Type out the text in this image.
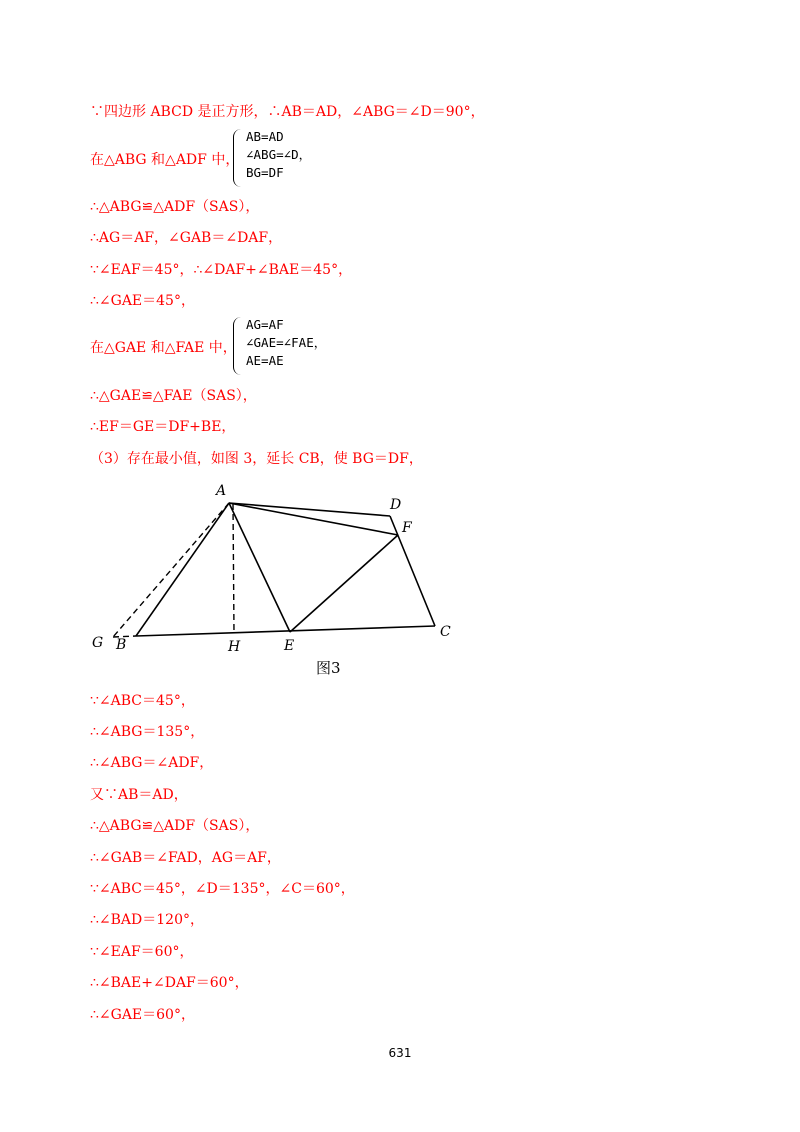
∵四边形 ABCD 是正方形，∴AB＝AD，∠ABG＝∠D＝90°，
在△ABG 和△ADF 中，
AB=AD
∠ABG=∠D，
BG=DF
∴△ABG≌△ADF（SAS），
∴AG＝AF，∠GAB＝∠DAF，
∵∠EAF＝45°，∴∠DAF+∠BAE＝45°，
∴∠GAE＝45°，
在△GAE 和△FAE 中，
AG=AF
∠GAE=∠FAE，
AE=AE
∴△GAE≌△FAE（SAS），
∴EF＝GE＝DF+BE，
（3）存在最小值，如图 3，延长 CB，使 BG＝DF，
A
B
C
D
E
F
G	H
图3
∵∠ABC＝45°，
∴∠ABG＝135°，
∴∠ABG＝∠ADF，
又∵AB＝AD，
∴△ABG≌△ADF（SAS），
∴∠GAB＝∠FAD，AG＝AF，
∵∠ABC＝45°，∠D＝135°，∠C＝60°，
∴∠BAD＝120°，
∵∠EAF＝60°，
∴∠BAE+∠DAF＝60°，
∴∠GAE＝60°，
631
